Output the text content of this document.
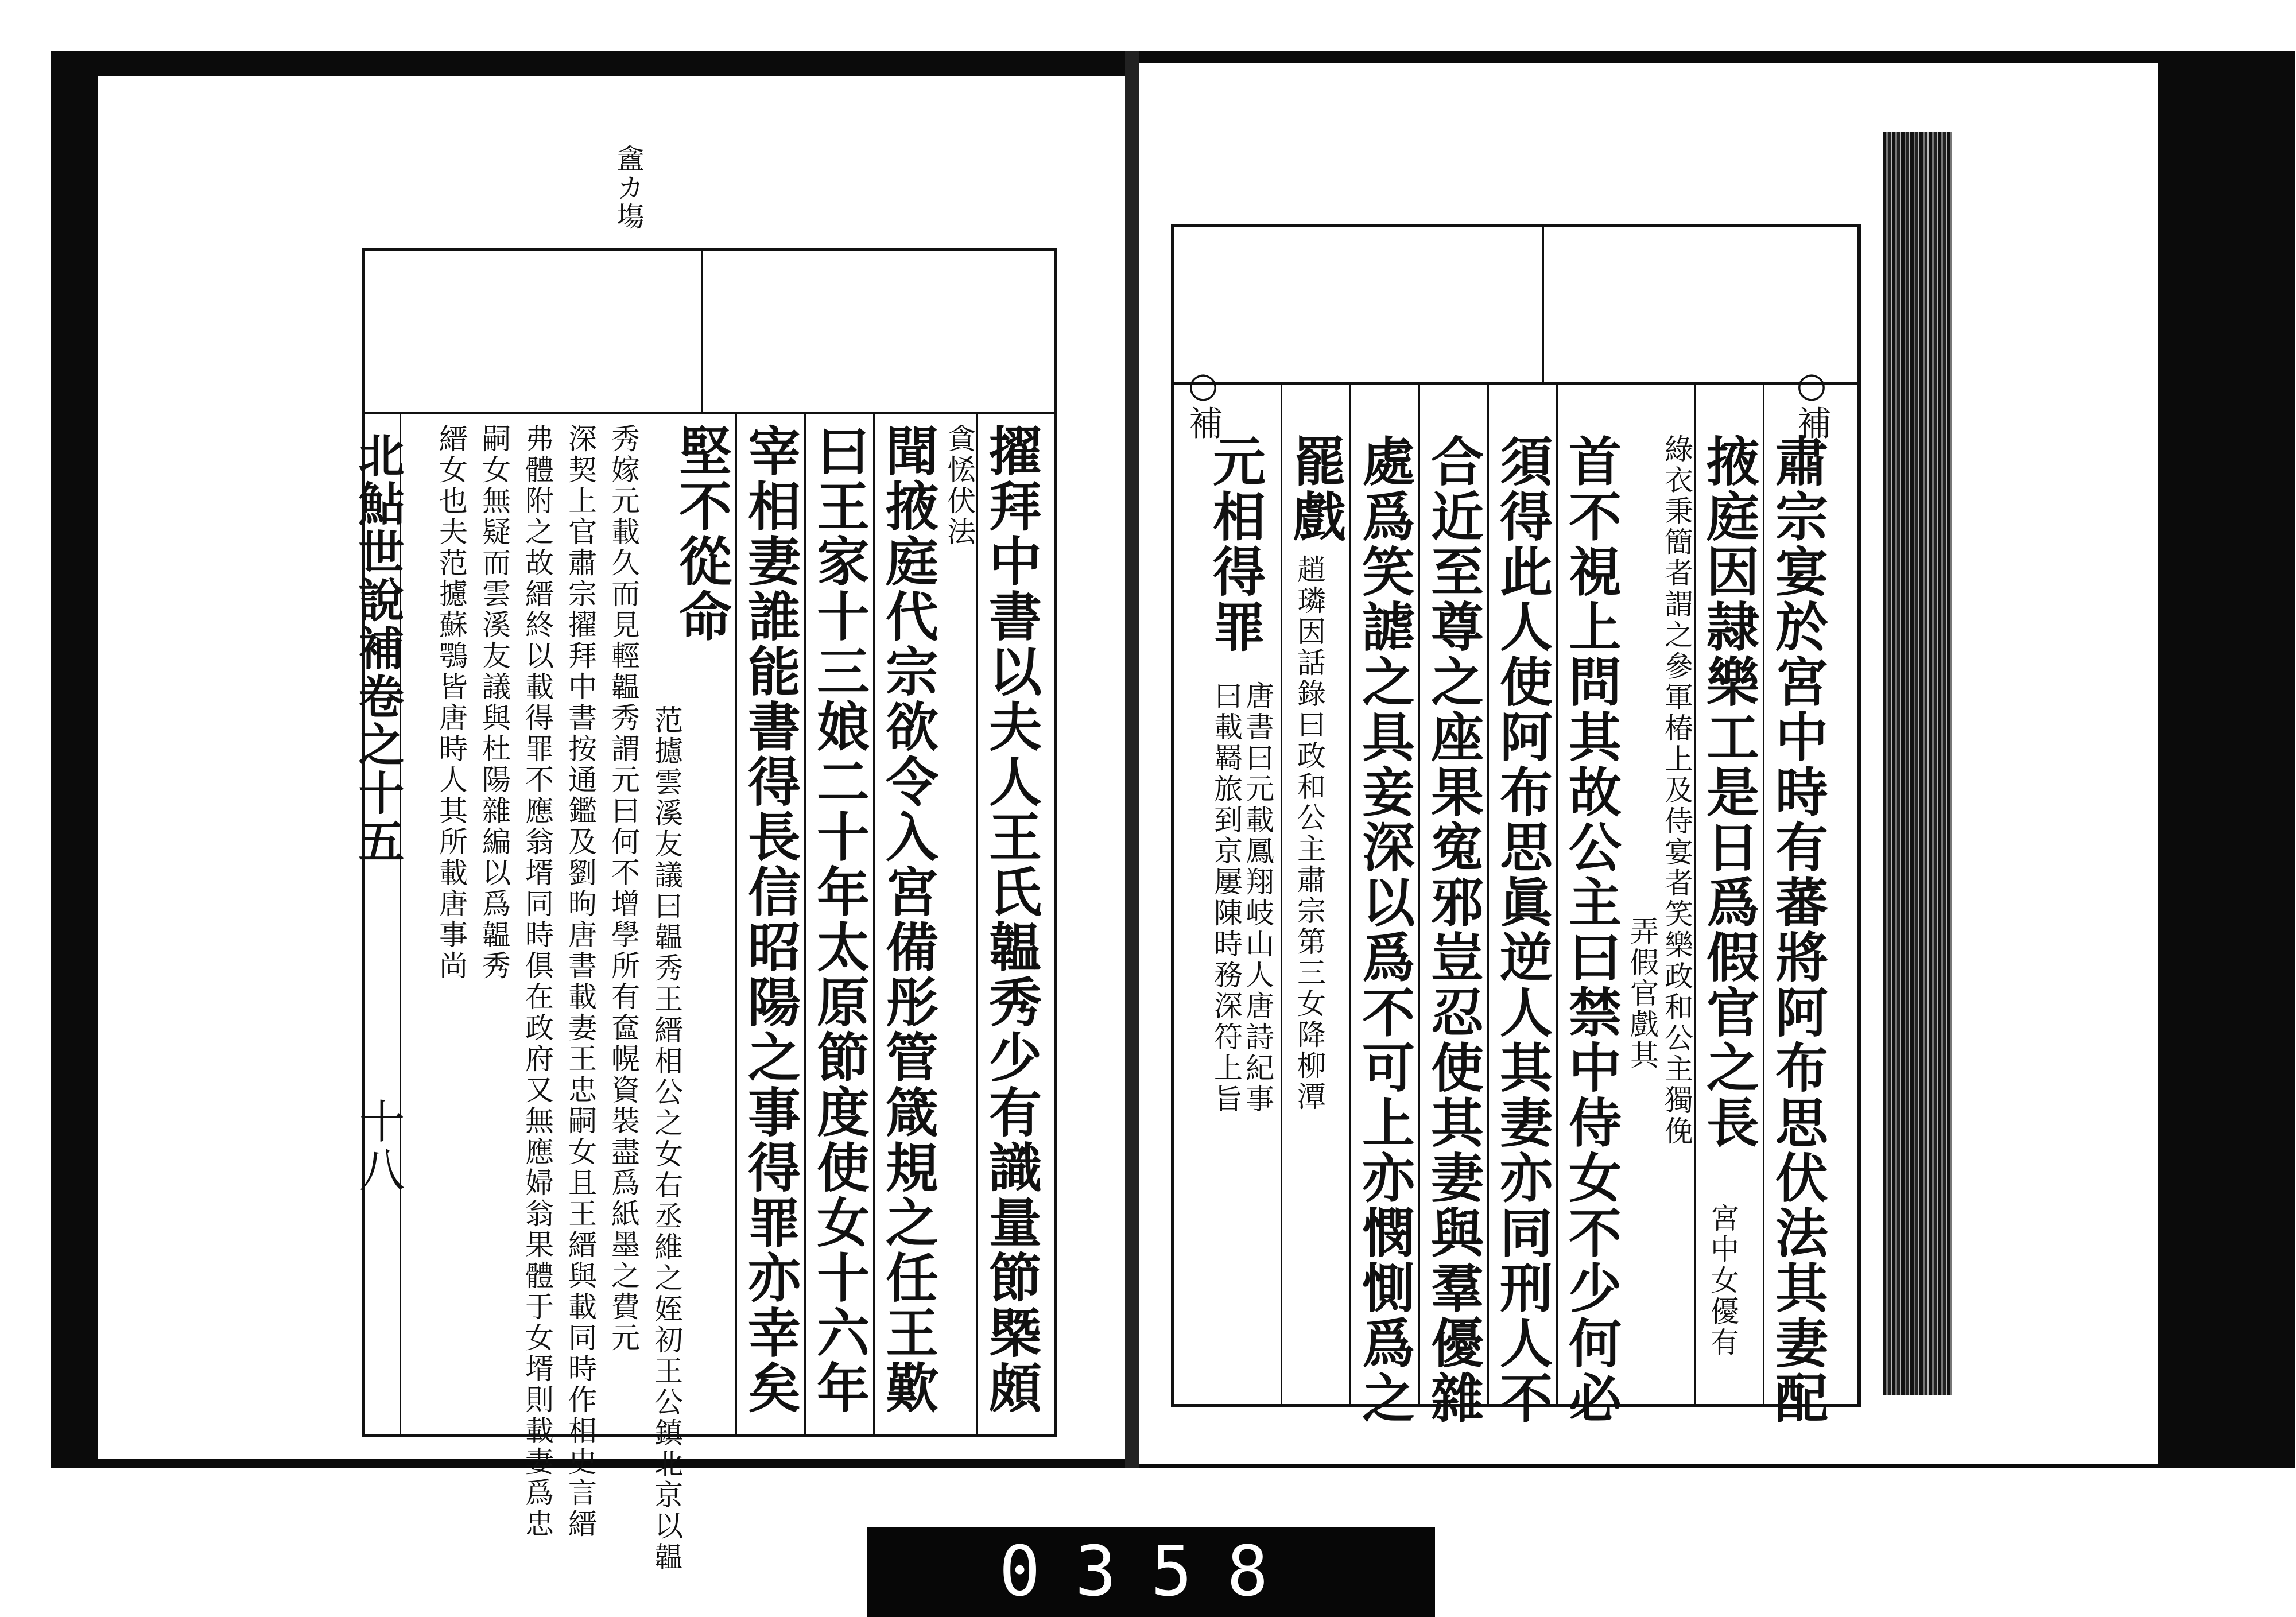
盦カ塲
擢拜中書以夫人王氏韞秀少有識量節槩頗
貪恡伏法
聞掖庭代宗欲令入宮備彤管箴規之任王歎
曰王家十三娘二十年太原節度使女十六年
宰相妻誰能書得長信昭陽之事得罪亦幸矣
堅不從命
范攄雲溪友議曰韞秀王縉相公之女右丞維之姪初王公鎮北京以韞
秀嫁元載久而見輕韞秀謂元曰何不增學所有奩幌資裝盡爲紙墨之費元
深契上官肅宗擢拜中書按通鑑及劉昫唐書載妻王忠嗣女且王縉與載同時作相史言縉
弗體附之故縉終以載得罪不應翁壻同時俱在政府又無應婦翁果體于女壻則載妻爲忠
嗣女無疑而雲溪友議與杜陽雜編以爲韞秀
縉女也夫范攄蘇鶚皆唐時人其所載唐事尚
北鮎世說補卷之十五
十八
○補
○補
肅宗宴於宮中時有蕃將阿布思伏法其妻配
掖庭因隷樂工是日爲假官之長
宮中女優有
綠衣秉簡者謂之參軍椿上及侍宴者笑樂政和公主獨俛
弄假官戲其
首不視上問其故公主曰禁中侍女不少何必
須得此人使阿布思眞逆人其妻亦同刑人不
合近至尊之座果寃邪豈忍使其妻與羣優雜
處爲笑謔之具妾深以爲不可上亦憫惻爲之
罷戲
趙璘因話錄曰政和公主肅宗第三女降柳潭
元相得罪
唐書曰元載鳳翔岐山人唐詩紀事
曰載羇旅到京屢陳時務深符上旨
0358
